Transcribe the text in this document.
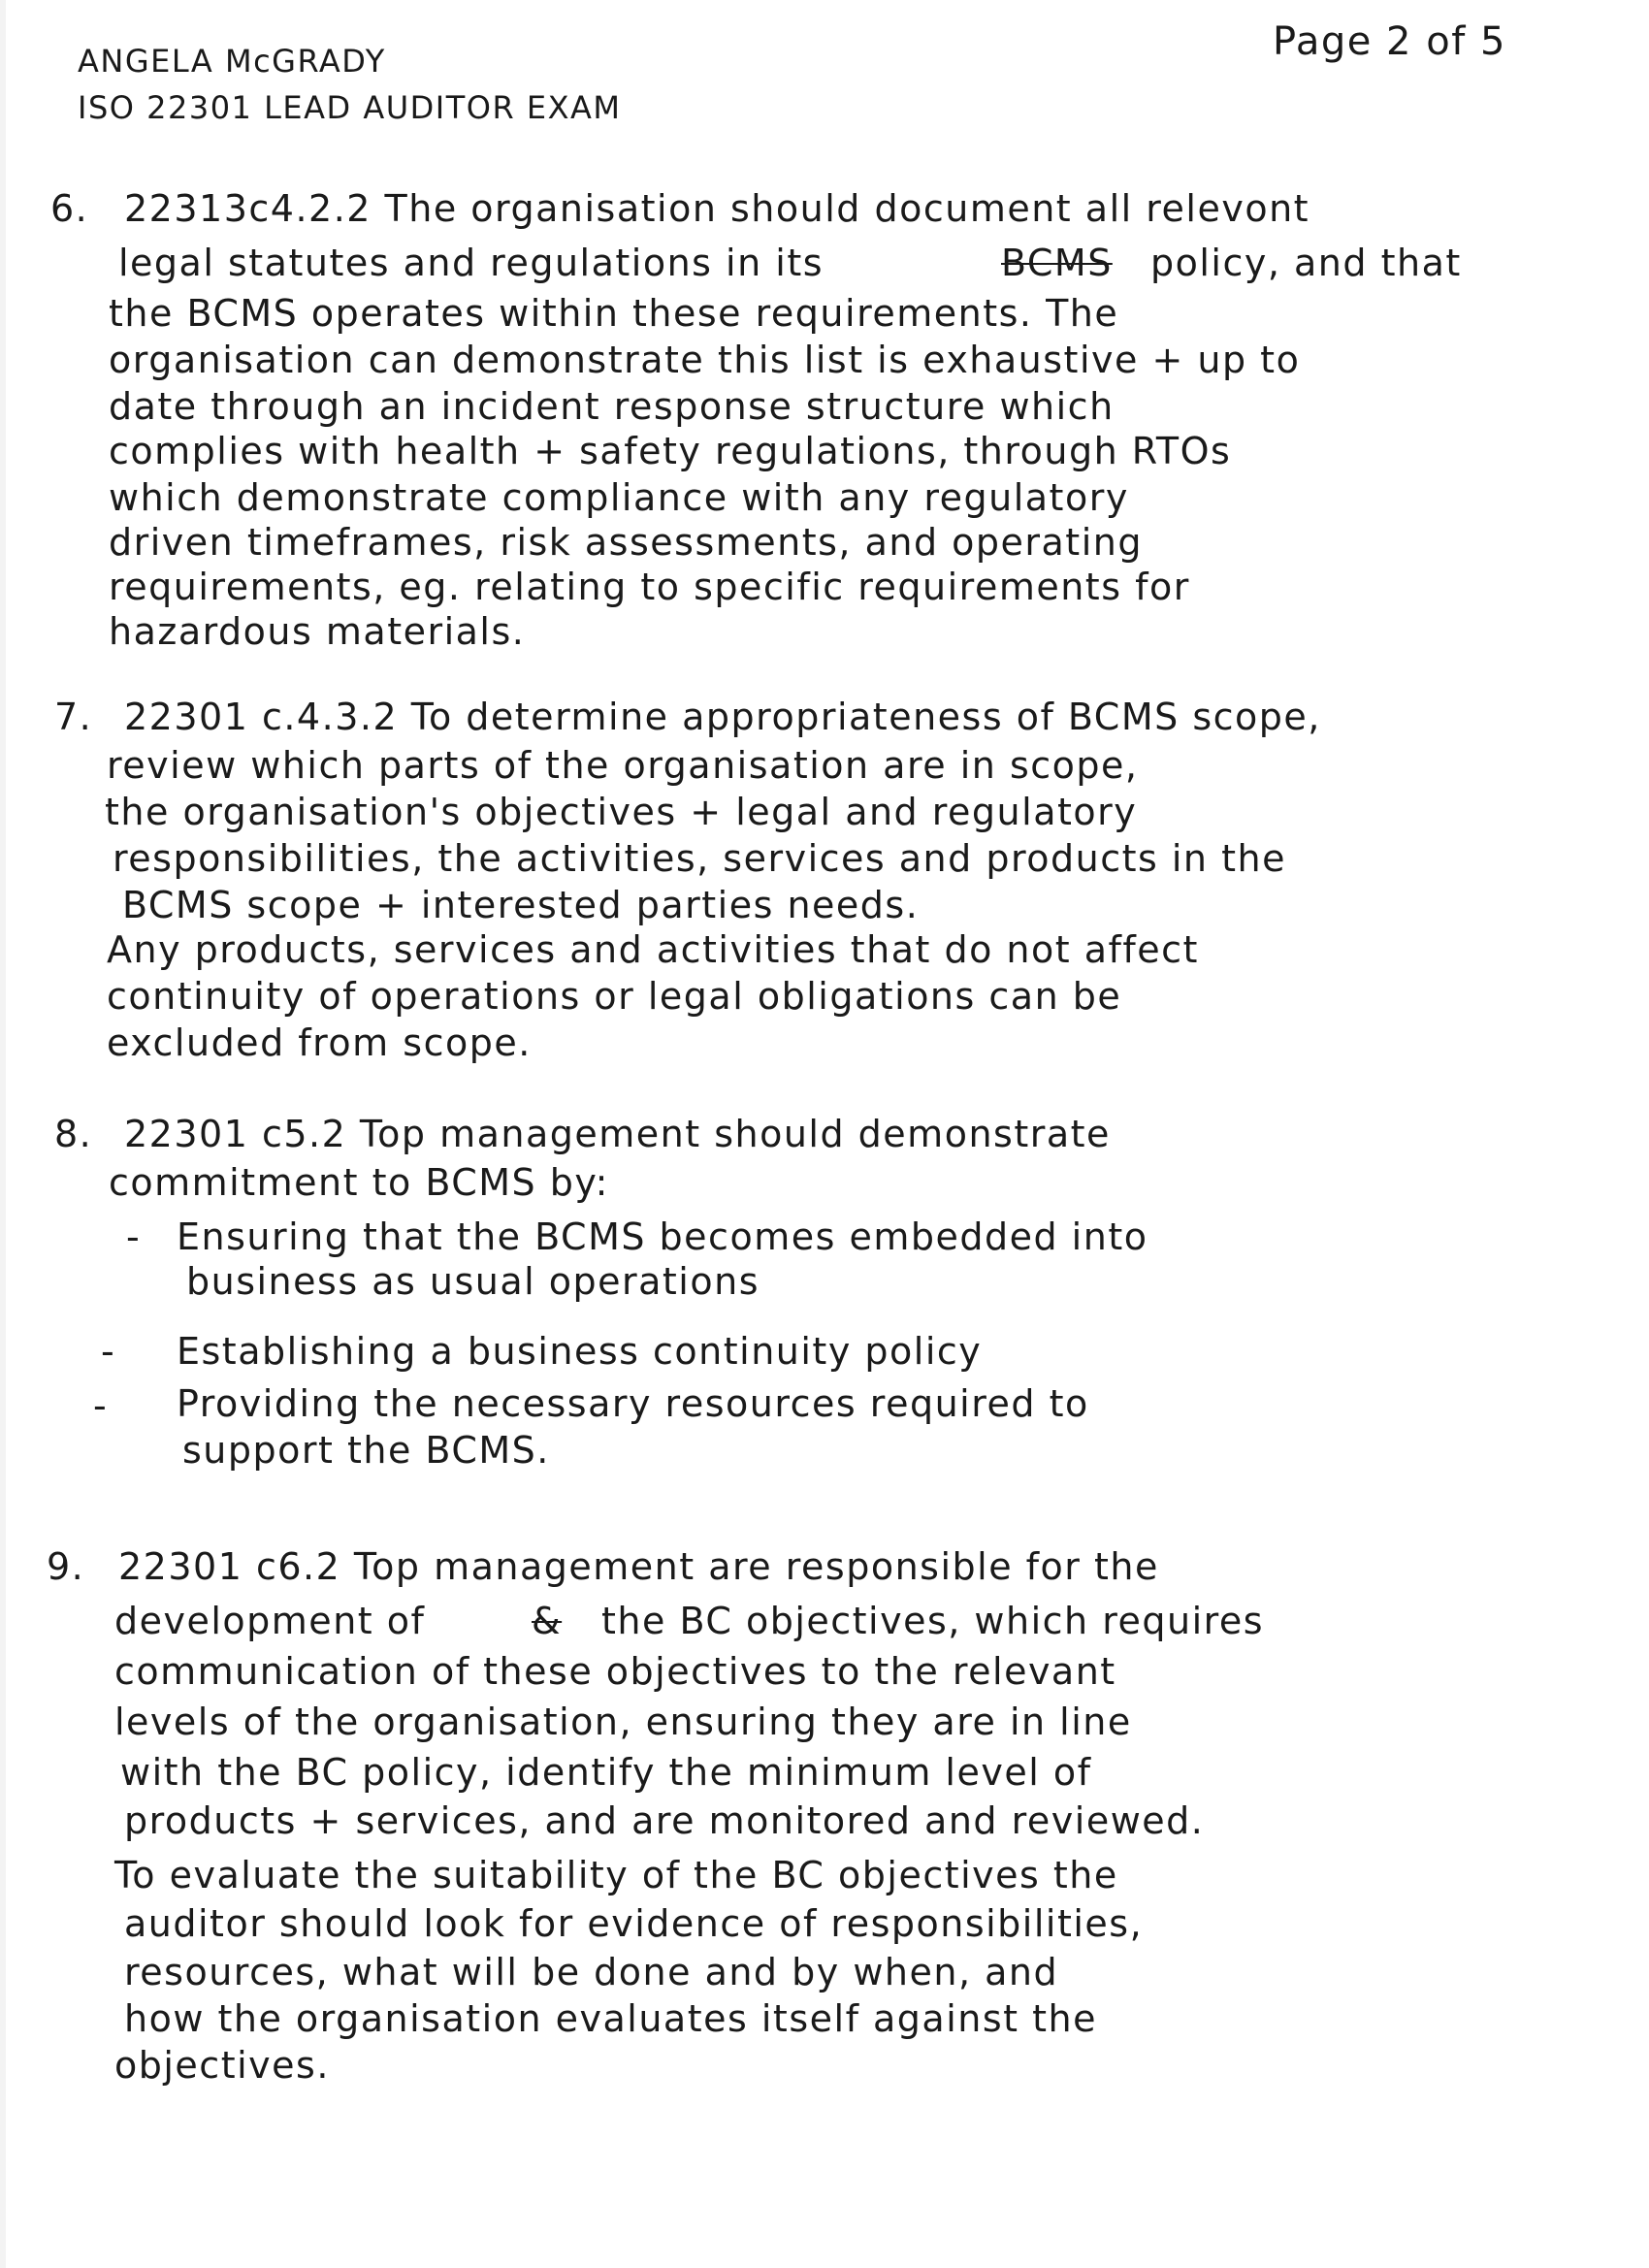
ANGELA McGRADY
ISO 22301 LEAD AUDITOR EXAM
Page 2 of 5
6. 22313c4.2.2 The organisation should document all relevont
legal statutes and regulations in its	BCMS policy, and that
the BCMS operates within these requirements. The
organisation can demonstrate this list is exhaustive + up to
date through an incident response structure which
complies with health + safety regulations, through RTOs
which demonstrate compliance with any regulatory
driven timeframes, risk assessments, and operating
requirements, eg. relating to specific requirements for
hazardous materials.
7. 22301 c.4.3.2 To determine appropriateness of BCMS scope,
review which parts of the organisation are in scope,
the organisation's objectives + legal and regulatory
responsibilities, the activities, services and products in the
BCMS scope + interested parties needs.
Any products, services and activities that do not affect
continuity of operations or legal obligations can be
excluded from scope.
8. 22301 c5.2 Top management should demonstrate
commitment to BCMS by:
- Ensuring that the BCMS becomes embedded into
business as usual operations
- Establishing a business continuity policy
- Providing the necessary resources required to
support the BCMS.
9. 22301 c6.2 Top management are responsible for the
development of	& the BC objectives, which requires
communication of these objectives to the relevant
levels of the organisation, ensuring they are in line
with the BC policy, identify the minimum level of
products + services, and are monitored and reviewed.
To evaluate the suitability of the BC objectives the
auditor should look for evidence of responsibilities,
resources, what will be done and by when, and
how the organisation evaluates itself against the
objectives.
